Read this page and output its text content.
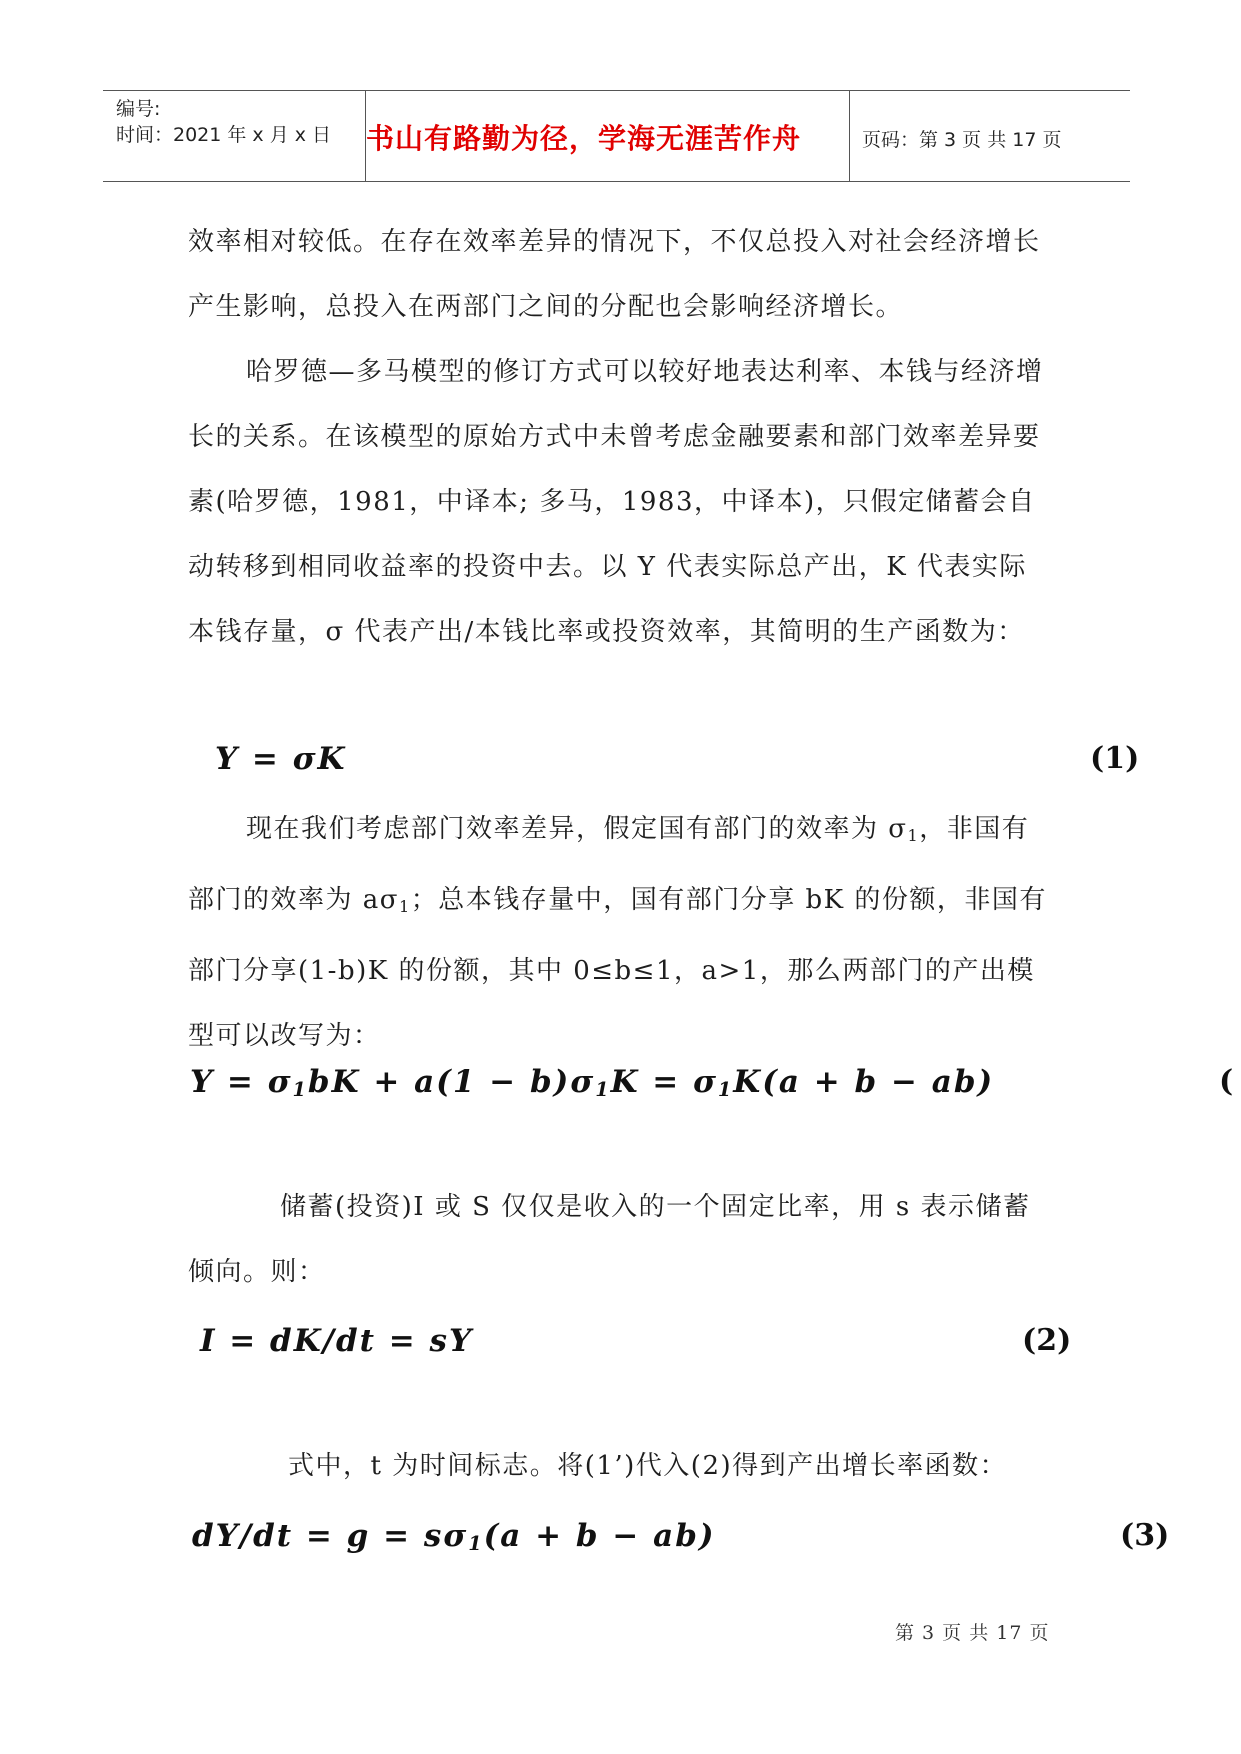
编号:
时间：2021 年 x 月 x 日 书山有路勤为径，学海无涯苦作舟	页码：第 3 页 共 17 页

效率相对较低。在存在效率差异的情况下，不仅总投入对社会经济增长产生影响，总投入在两部门之间的分配也会影响经济增长。

哈罗德—多马模型的修订方式可以较好地表达利率、本钱与经济增长的关系。在该模型的原始方式中未曾考虑金融要素和部门效率差异要素(哈罗德，1981，中译本; 多马，1983，中译本)，只假定储蓄会自动转移到相同收益率的投资中去。以 Y 代表实际总产出，K 代表实际本钱存量，σ 代表产出/本钱比率或投资效率，其简明的生产函数为：

Y = σK	(1)

现在我们考虑部门效率差异，假定国有部门的效率为 $\sigma_1$，非国有部门的效率为 $a\sigma_1$；总本钱存量中，国有部门分享 bK 的份额，非国有部门分享(1-b)K 的份额，其中 0≤b≤1，a>1，那么两部门的产出模型可以改写为：

$Y = \sigma_1bK + a(1 - b)\sigma_1K = \sigma_1K(a + b - ab)$	(

储蓄(投资)I 或 S 仅仅是收入的一个固定比率，用 s 表示储蓄倾向。则：

I = dK/dt = sY	(2)

式中，t 为时间标志。将(1’)代入(2)得到产出增长率函数：

$dY/dt = g = s\sigma_1(a + b - ab)$	(3)
第 3 页 共 17 页
